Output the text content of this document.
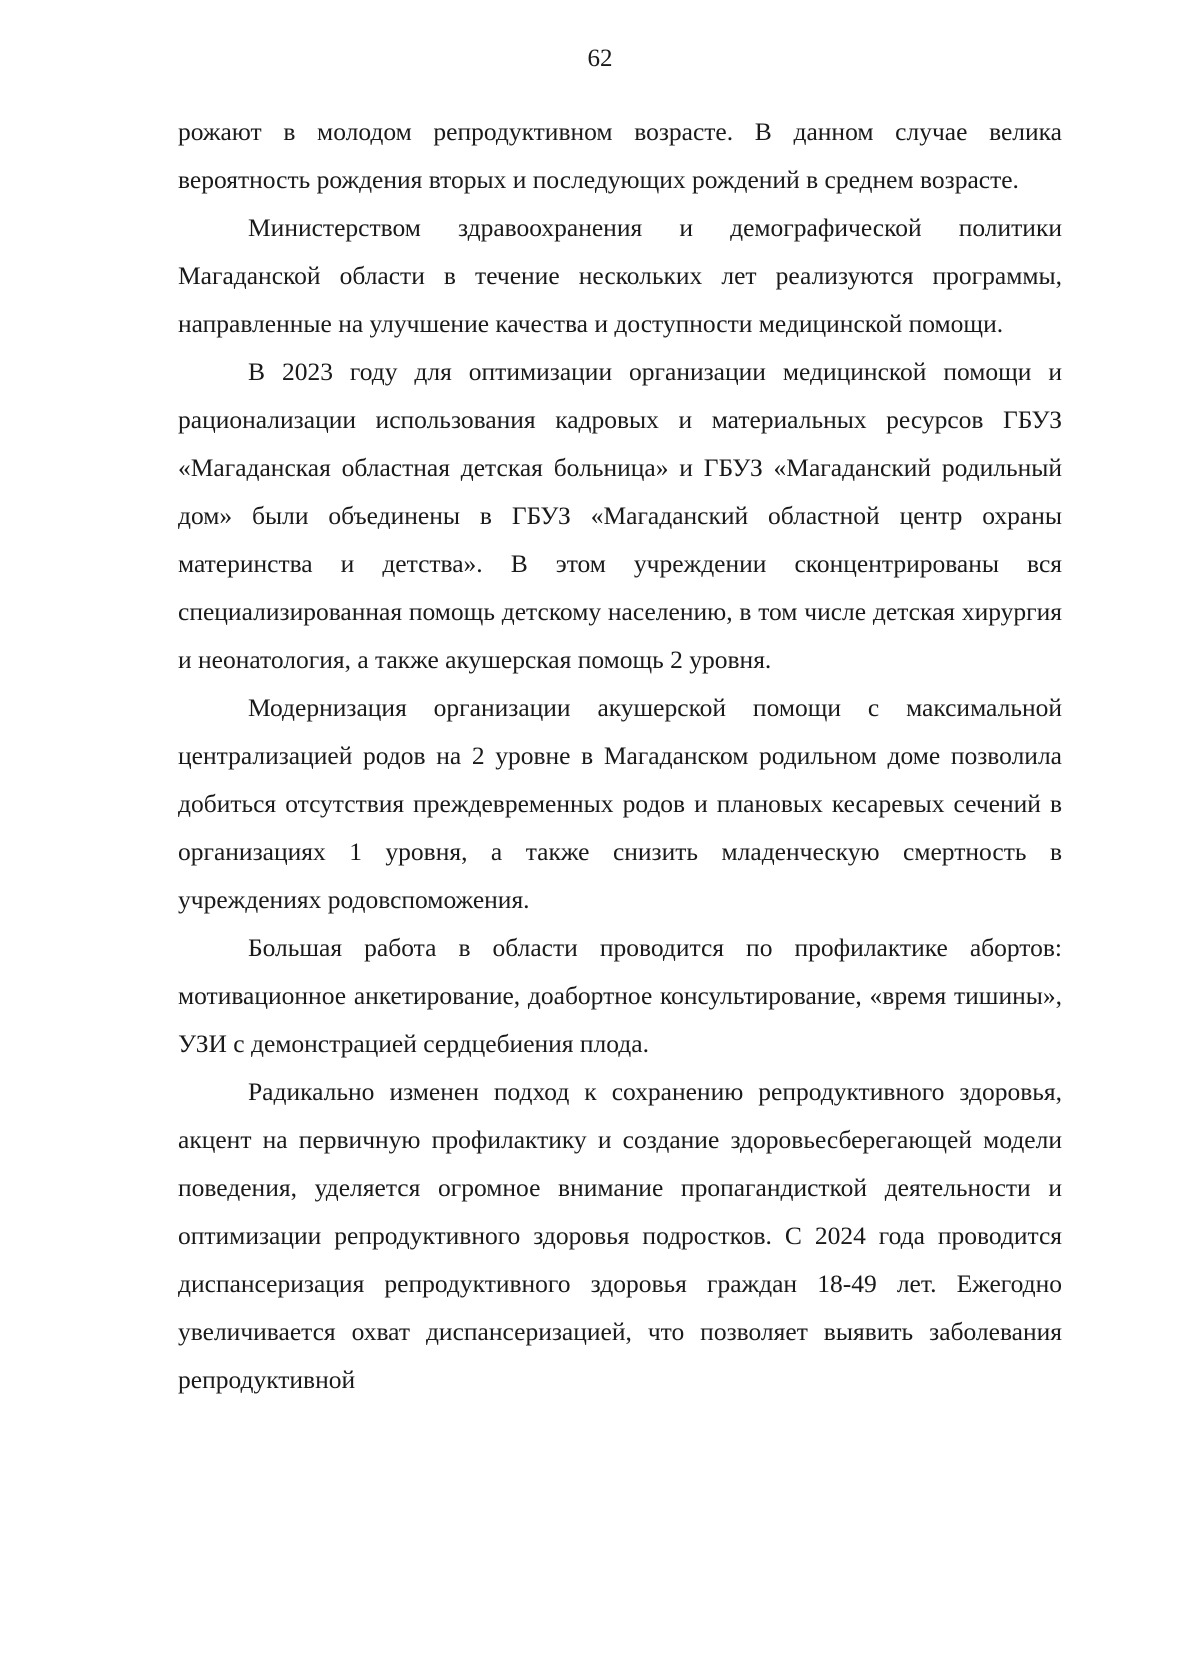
62

рожают в молодом репродуктивном возрасте. В данном случае велика вероятность рождения вторых и последующих рождений в среднем возрасте.

Министерством здравоохранения и демографической политики Магаданской области в течение нескольких лет реализуются программы, направленные на улучшение качества и доступности медицинской помощи.

В 2023 году для оптимизации организации медицинской помощи и рационализации использования кадровых и материальных ресурсов ГБУЗ «Магаданская областная детская больница» и ГБУЗ «Магаданский родильный дом» были объединены в ГБУЗ «Магаданский областной центр охраны материнства и детства». В этом учреждении сконцентрированы вся специализированная помощь детскому населению, в том числе детская хирургия и неонатология, а также акушерская помощь 2 уровня.

Модернизация организации акушерской помощи с максимальной централизацией родов на 2 уровне в Магаданском родильном доме позволила добиться отсутствия преждевременных родов и плановых кесаревых сечений в организациях 1 уровня, а также снизить младенческую смертность в учреждениях родовспоможения.

Большая работа в области проводится по профилактике абортов: мотивационное анкетирование, доабортное консультирование, «время тишины», УЗИ с демонстрацией сердцебиения плода.

Радикально изменен подход к сохранению репродуктивного здоровья, акцент на первичную профилактику и создание здоровьесберегающей модели поведения, уделяется огромное внимание пропагандисткой деятельности и оптимизации репродуктивного здоровья подростков. С 2024 года проводится диспансеризация репродуктивного здоровья граждан 18-49 лет. Ежегодно увеличивается охват диспансеризацией, что позволяет выявить заболевания репродуктивной
